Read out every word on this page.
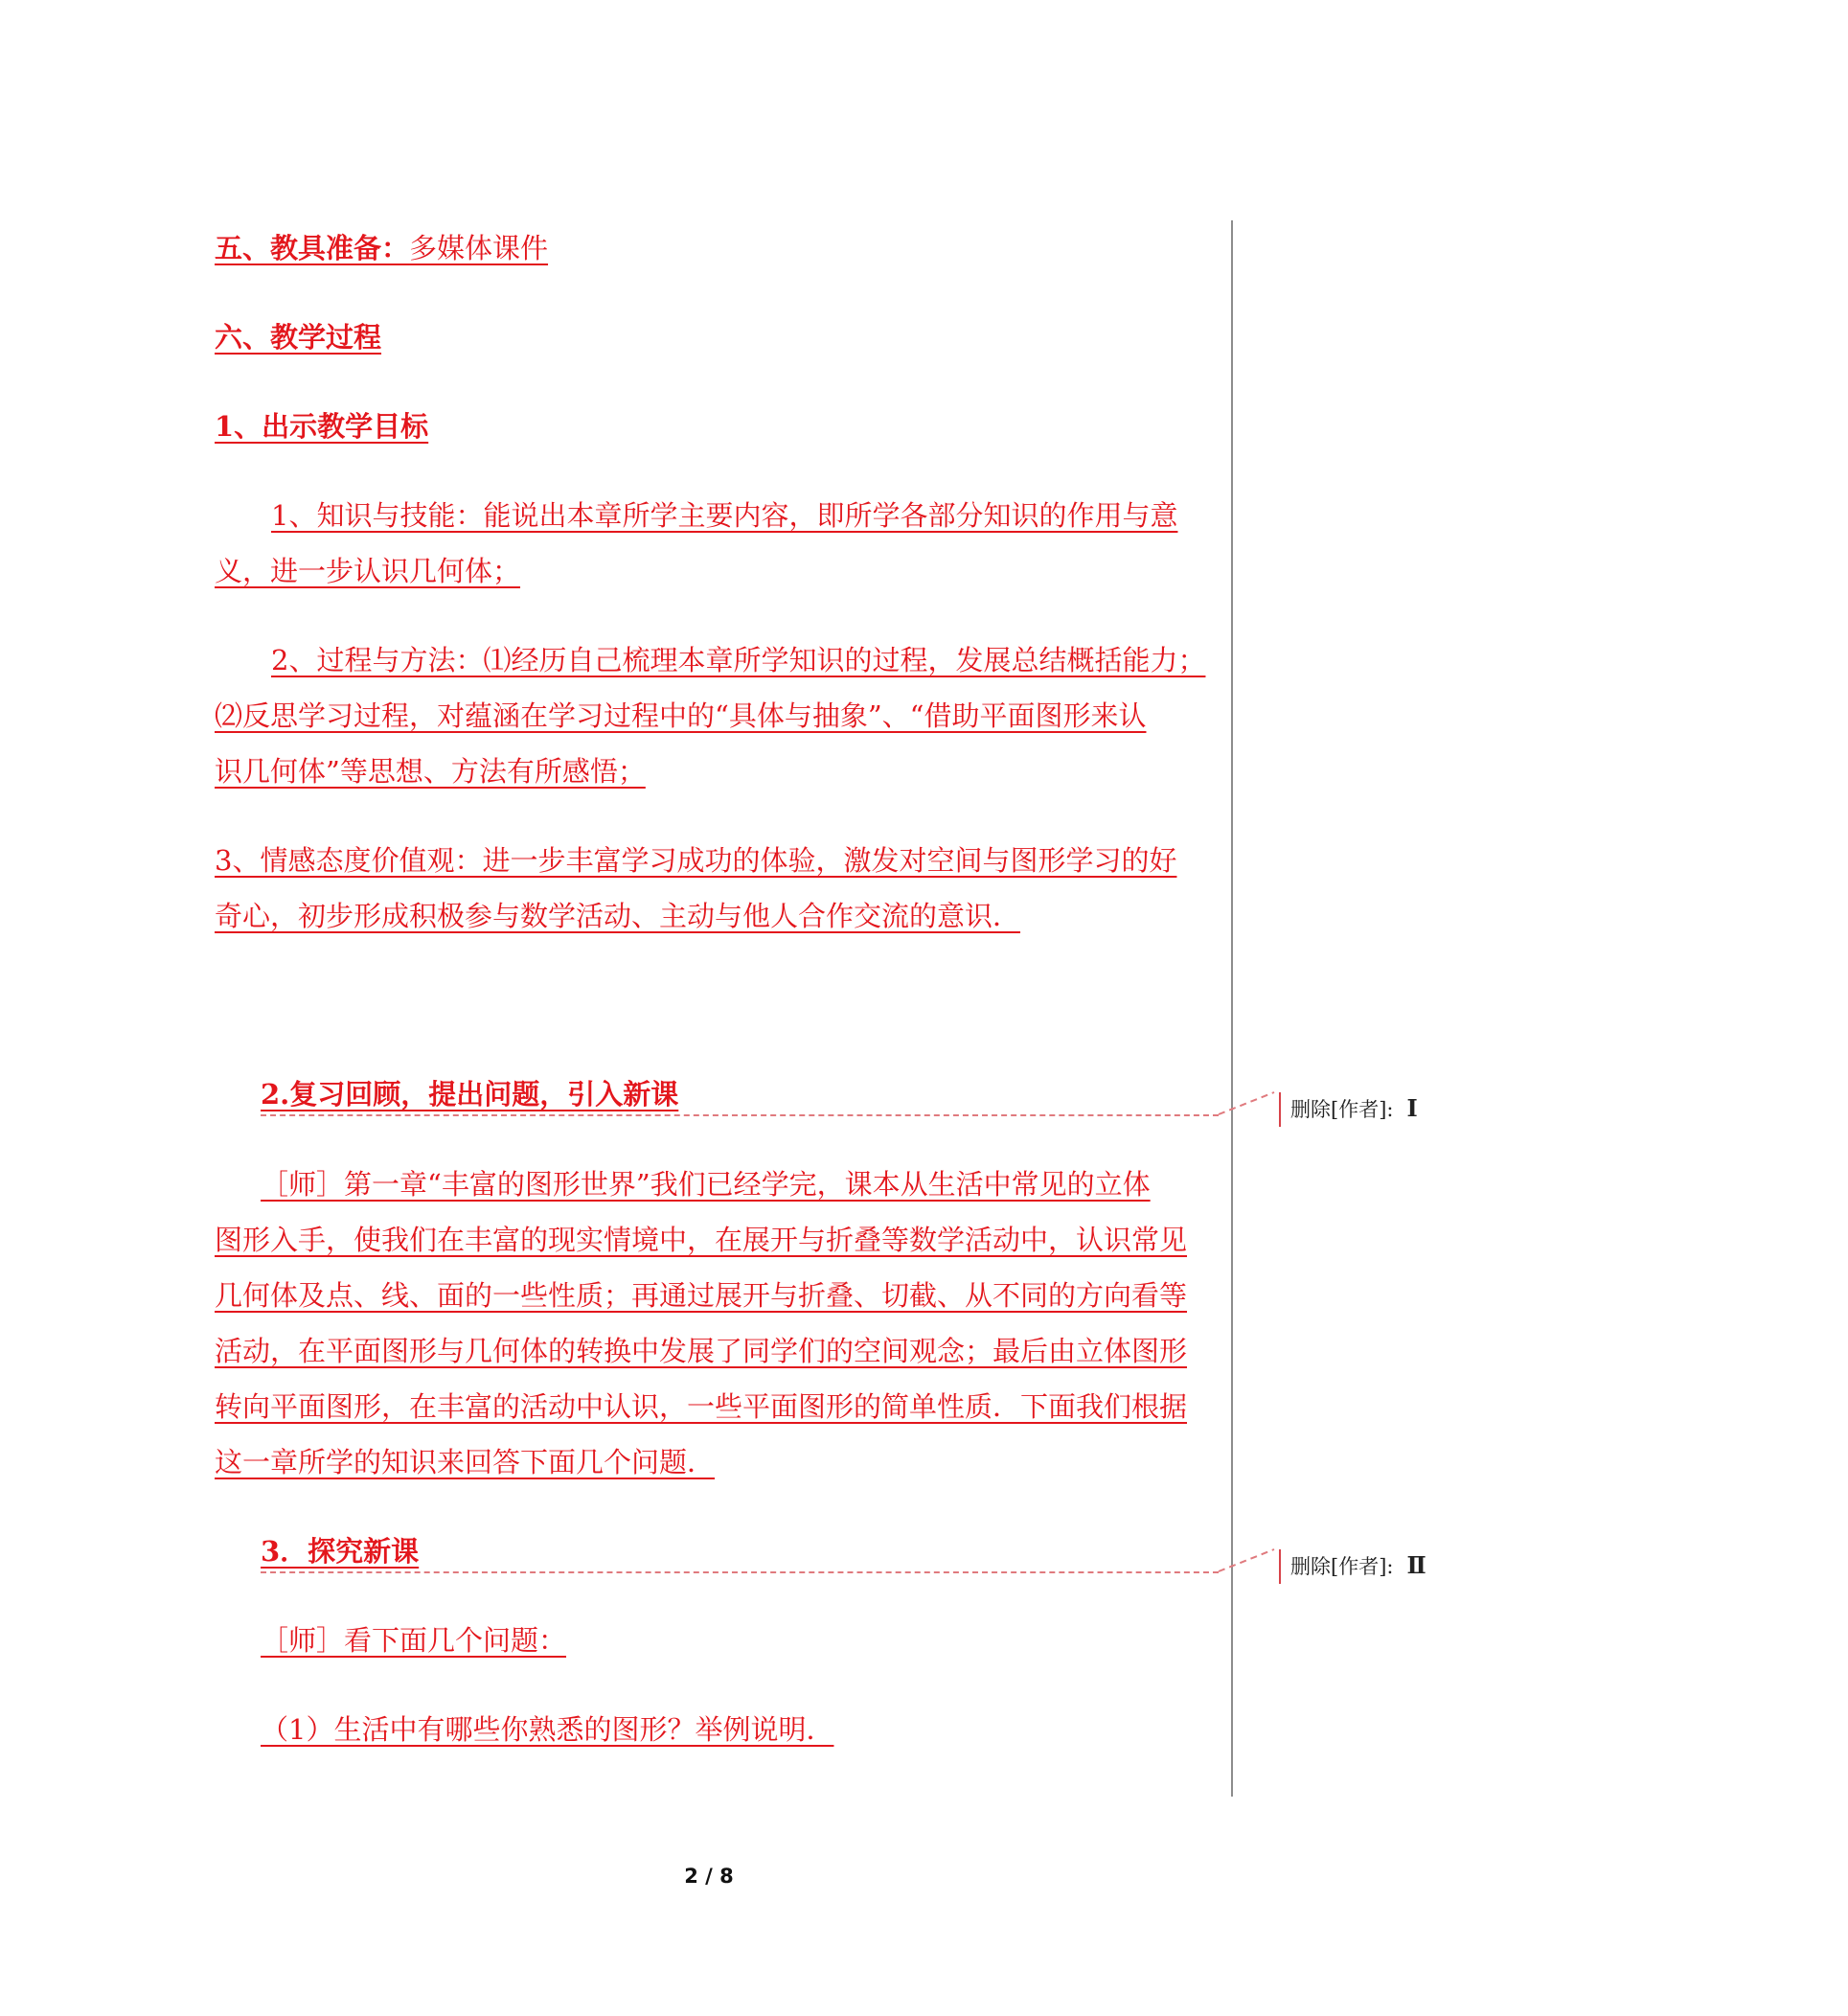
五、教具准备：多媒体课件
六、教学过程
1、出示教学目标
1、知识与技能：能说出本章所学主要内容，即所学各部分知识的作用与意
义，进一步认识几何体；
2、过程与方法：⑴经历自己梳理本章所学知识的过程，发展总结概括能力；
⑵反思学习过程，对蕴涵在学习过程中的“具体与抽象”、“借助平面图形来认
识几何体”等思想、方法有所感悟；
3、情感态度价值观：进一步丰富学习成功的体验，激发对空间与图形学习的好
奇心，初步形成积极参与数学活动、主动与他人合作交流的意识．
2.复习回顾，提出问题，引入新课
［师］第一章“丰富的图形世界”我们已经学完，课本从生活中常见的立体
图形入手，使我们在丰富的现实情境中，在展开与折叠等数学活动中，认识常见
几何体及点、线、面的一些性质；再通过展开与折叠、切截、从不同的方向看等
活动，在平面图形与几何体的转换中发展了同学们的空间观念；最后由立体图形
转向平面图形，在丰富的活动中认识，一些平面图形的简单性质．下面我们根据
这一章所学的知识来回答下面几个问题．
3．探究新课
［师］看下面几个问题：
（1）生活中有哪些你熟悉的图形？举例说明．
删除[作者]: Ⅰ
删除[作者]: Ⅱ
2 / 8
